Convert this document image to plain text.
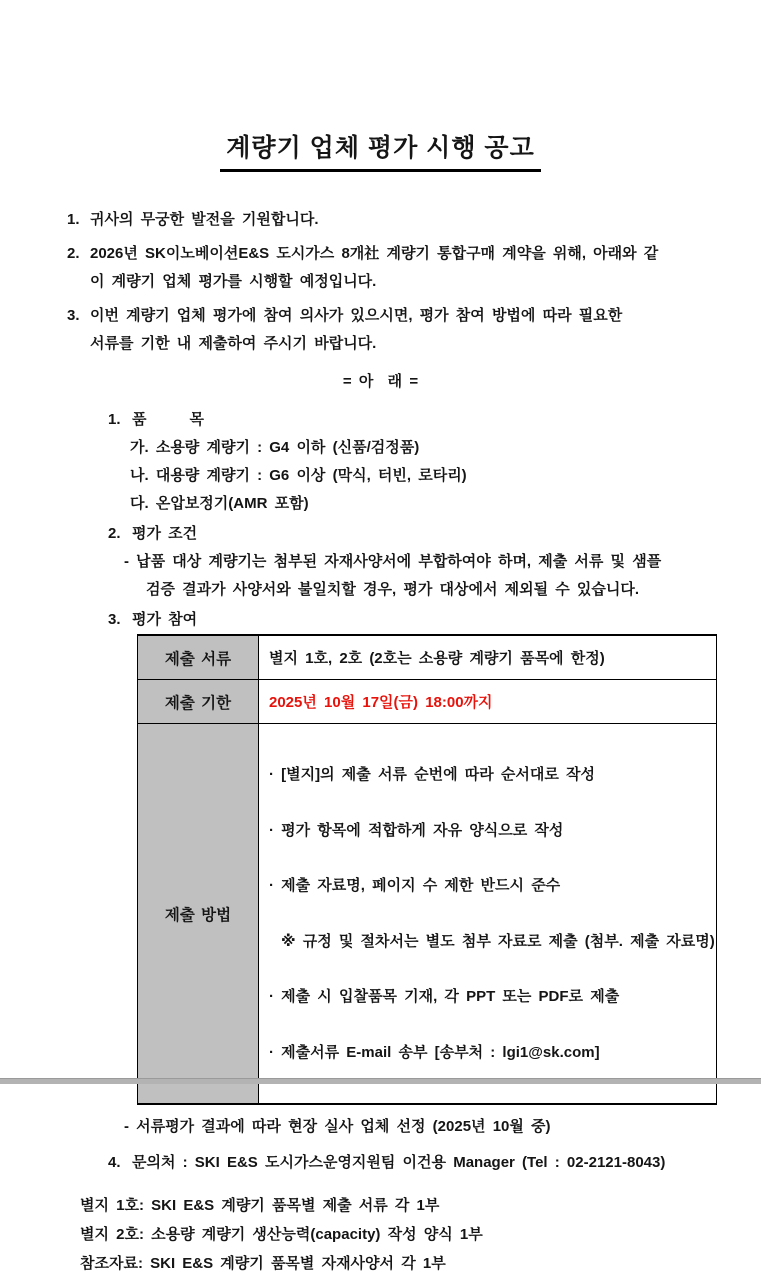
계량기 업체 평가 시행 공고
1. 귀사의 무궁한 발전을 기원합니다.
2. 2026년 SK이노베이션E&S 도시가스 8개社 계량기 통합구매 계약을 위해, 아래와 같
이 계량기 업체 평가를 시행할 예정입니다.
3. 이번 계량기 업체 평가에 참여 의사가 있으시면, 평가 참여 방법에 따라 필요한
서류를 기한 내 제출하여 주시기 바랍니다.
= 아  래 =
1. 품      목
가. 소용량 계량기 : G4 이하 (신품/검정품)
나. 대용량 계량기 : G6 이상 (막식, 터빈, 로타리)
다. 온압보정기(AMR 포함)
2. 평가 조건
- 납품 대상 계량기는 첨부된 자재사양서에 부합하여야 하며, 제출 서류 및 샘플
검증 결과가 사양서와 불일치할 경우, 평가 대상에서 제외될 수 있습니다.
3. 평가 참여
제출 서류	별지 1호, 2호 (2호는 소용량 계량기 품목에 한정)
제출 기한	2025년 10월 17일(금) 18:00까지
제출 방법	

· [별지]의 제출 서류 순번에 따라 순서대로 작성

· 평가 항목에 적합하게 자유 양식으로 작성

· 제출 자료명, 페이지 수 제한 반드시 준수

※ 규정 및 절차서는 별도 첨부 자료로 제출 (첨부. 제출 자료명)

· 제출 시 입찰품목 기재, 각 PPT 또는 PDF로 제출

· 제출서류 E-mail 송부 [송부처 : lgi1@sk.com]

- 서류평가 결과에 따라 현장 실사 업체 선정 (2025년 10월 중)
4. 문의처 : SKI E&S 도시가스운영지원팀 이건용 Manager (Tel : 02-2121-8043)
별지 1호: SKI E&S 계량기 품목별 제출 서류 각 1부
별지 2호: 소용량 계량기 생산능력(capacity) 작성 양식 1부
참조자료: SKI E&S 계량기 품목별 자재사양서 각 1부
